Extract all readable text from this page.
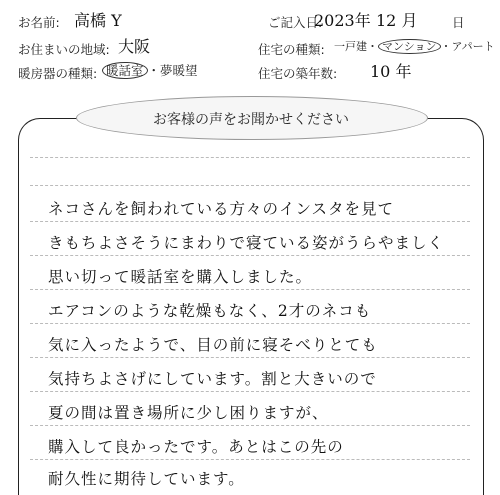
お名前: 高橋 Y
お住まいの地域: 大阪
暖房器の種類: 暖話室 ・夢暖望
ご記入日:
2023年 12 月	日
住宅の種類: 一戸建・ マンション ・アパート
住宅の築年数: 10 年
お客様の声をお聞かせください
ネコさんを飼われている方々のインスタを見て
きもちよさそうにまわりで寝ている姿がうらやましく
思い切って暖話室を購入しました。
エアコンのような乾燥もなく、2才のネコも
気に入ったようで、目の前に寝そべりとても
気持ちよさげにしています。割と大きいので
夏の間は置き場所に少し困りますが、
購入して良かったです。あとはこの先の
耐久性に期待しています。
